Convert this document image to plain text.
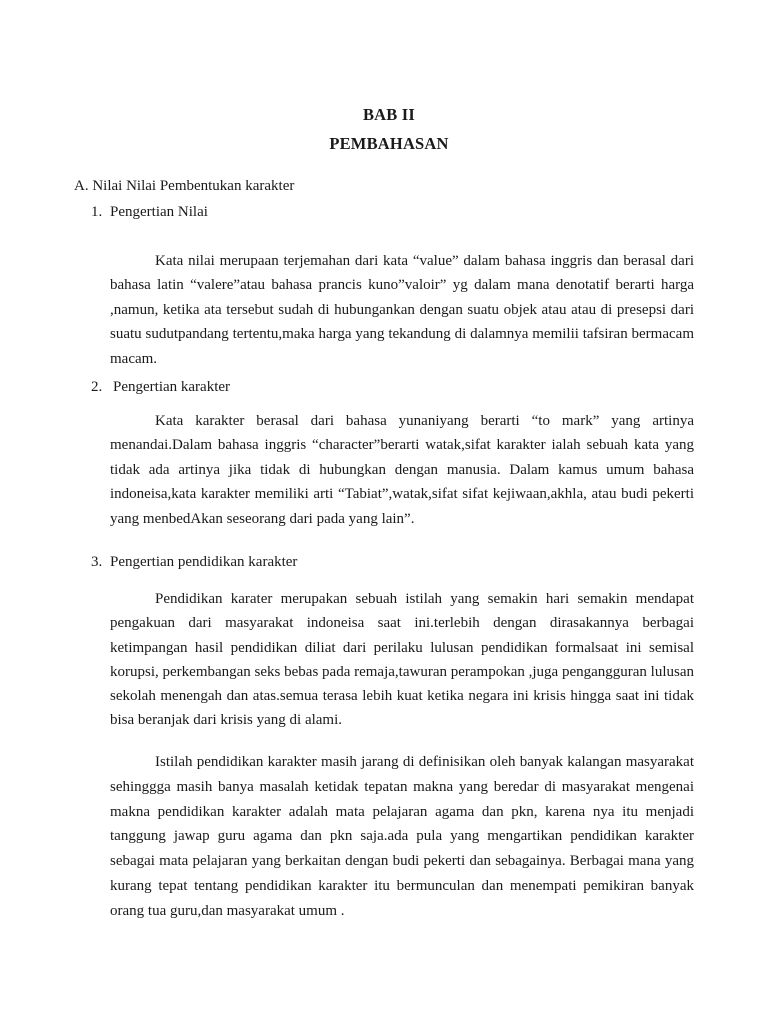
BAB II
PEMBAHASAN
A. Nilai Nilai Pembentukan karakter
1. Pengertian Nilai

Kata nilai merupaan terjemahan dari kata “value” dalam bahasa inggris dan berasal dari bahasa latin “valere”atau bahasa prancis kuno”valoir” yg dalam mana denotatif berarti harga ,namun, ketika ata tersebut sudah di hubungankan dengan suatu objek atau atau di presepsi dari suatu sudutpandang tertentu,maka harga yang tekandung di dalamnya memilii tafsiran bermacam macam.

2. Pengertian karakter

Kata karakter berasal dari bahasa yunaniyang berarti “to mark” yang artinya menandai.Dalam bahasa inggris “character”berarti watak,sifat karakter ialah sebuah kata yang tidak ada artinya jika tidak di hubungkan dengan manusia. Dalam kamus umum bahasa indoneisa,kata karakter memiliki arti “Tabiat”,watak,sifat sifat kejiwaan,akhla, atau budi pekerti yang menbedAkan seseorang dari pada yang lain”.

3. Pengertian pendidikan karakter

Pendidikan karater merupakan sebuah istilah yang semakin hari semakin mendapat pengakuan dari masyarakat indoneisa saat ini.terlebih dengan dirasakannya berbagai ketimpangan hasil pendidikan diliat dari perilaku lulusan pendidikan formalsaat ini semisal korupsi, perkembangan seks bebas pada remaja,tawuran perampokan ,juga pengangguran lulusan sekolah menengah dan atas.semua terasa lebih kuat ketika negara ini krisis hingga saat ini tidak bisa beranjak dari krisis yang di alami.

Istilah pendidikan karakter masih jarang di definisikan oleh banyak kalangan masyarakat sehinggga masih banya masalah ketidak tepatan makna yang beredar di masyarakat mengenai makna pendidikan karakter adalah mata pelajaran agama dan pkn, karena nya itu menjadi tanggung jawap guru agama dan pkn saja.ada pula yang mengartikan pendidikan karakter sebagai mata pelajaran yang berkaitan dengan budi pekerti dan sebagainya. Berbagai mana yang kurang tepat tentang pendidikan karakter itu bermunculan dan menempati pemikiran banyak orang tua guru,dan masyarakat umum .
